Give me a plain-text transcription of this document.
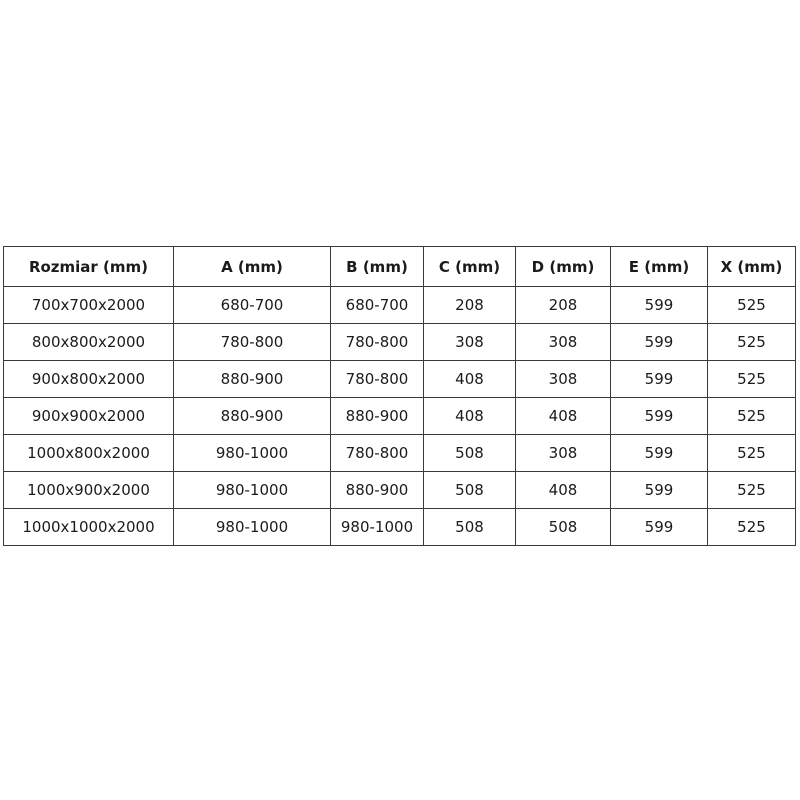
Rozmiar (mm)	A (mm)	B (mm)	C (mm)	D (mm)	E (mm)	X (mm)
700x700x2000	680-700	680-700	208	208	599	525
800x800x2000	780-800	780-800	308	308	599	525
900x800x2000	880-900	780-800	408	308	599	525
900x900x2000	880-900	880-900	408	408	599	525
1000x800x2000	980-1000	780-800	508	308	599	525
1000x900x2000	980-1000	880-900	508	408	599	525
1000x1000x2000	980-1000	980-1000	508	508	599	525
